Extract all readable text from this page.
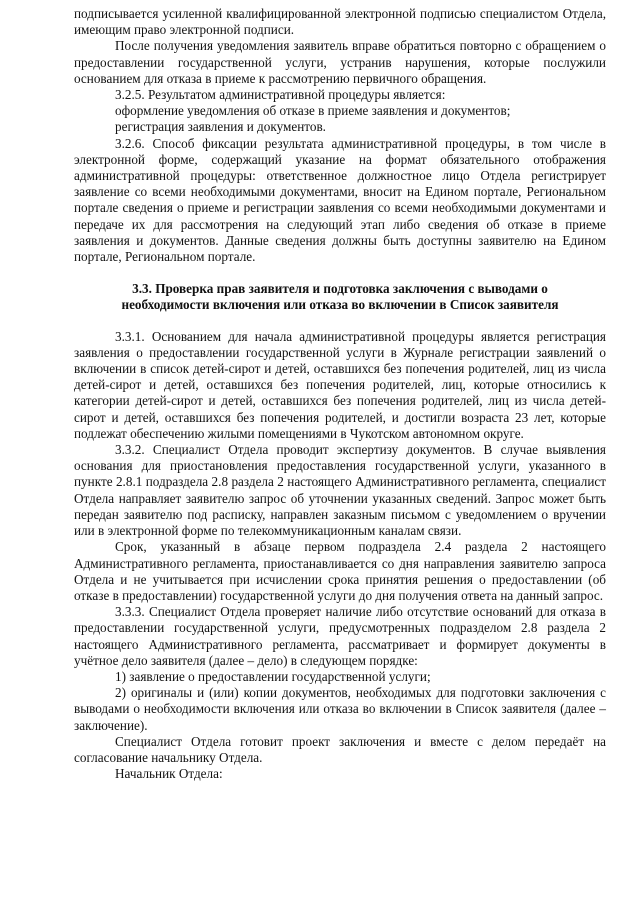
подписывается усиленной квалифицированной электронной подписью специалистом Отдела, имеющим право электронной подписи.

После получения уведомления заявитель вправе обратиться повторно с обращением о предоставлении государственной услуги, устранив нарушения, которые послужили основанием для отказа в приеме к рассмотрению первичного обращения.

3.2.5. Результатом административной процедуры является:

оформление уведомления об отказе в приеме заявления и документов;

регистрация заявления и документов.

3.2.6. Способ фиксации результата административной процедуры, в том числе в электронной форме, содержащий указание на формат обязательного отображения административной процедуры: ответственное должностное лицо Отдела регистрирует заявление со всеми необходимыми документами, вносит на Едином портале, Региональном портале сведения о приеме и регистрации заявления со всеми необходимыми документами и передаче их для рассмотрения на следующий этап либо сведения об отказе в приеме заявления и документов. Данные сведения должны быть доступны заявителю на Едином портале, Региональном портале.

3.3. Проверка прав заявителя и подготовка заключения с выводами о
необходимости включения или отказа во включении в Список заявителя

3.3.1. Основанием для начала административной процедуры является регистрация заявления о предоставлении государственной услуги в Журнале регистрации заявлений о включении в список детей-сирот и детей, оставшихся без попечения родителей, лиц из числа детей-сирот и детей, оставшихся без попечения родителей, лиц, которые относились к категории детей-сирот и детей, оставшихся без попечения родителей, лиц из числа детей-сирот и детей, оставшихся без попечения родителей, и достигли возраста 23 лет, которые подлежат обеспечению жилыми помещениями в Чукотском автономном округе.

3.3.2. Специалист Отдела проводит экспертизу документов. В случае выявления основания для приостановления предоставления государственной услуги, указанного в пункте 2.8.1 подраздела 2.8 раздела 2 настоящего Административного регламента, специалист Отдела направляет заявителю запрос об уточнении указанных сведений. Запрос может быть передан заявителю под расписку, направлен заказным письмом с уведомлением о вручении или в электронной форме по телекоммуникационным каналам связи.

Срок, указанный в абзаце первом подраздела 2.4 раздела 2 настоящего Административного регламента, приостанавливается со дня направления заявителю запроса Отдела и не учитывается при исчислении срока принятия решения о предоставлении (об отказе в предоставлении) государственной услуги до дня получения ответа на данный запрос.

3.3.3. Специалист Отдела проверяет наличие либо отсутствие оснований для отказа в предоставлении государственной услуги, предусмотренных подразделом 2.8 раздела 2 настоящего Административного регламента, рассматривает и формирует документы в учётное дело заявителя (далее – дело) в следующем порядке:

1) заявление о предоставлении государственной услуги;

2) оригиналы и (или) копии документов, необходимых для подготовки заключения с выводами о необходимости включения или отказа во включении в Список заявителя (далее – заключение).

Специалист Отдела готовит проект заключения и вместе с делом передаёт на согласование начальнику Отдела.

Начальник Отдела:
